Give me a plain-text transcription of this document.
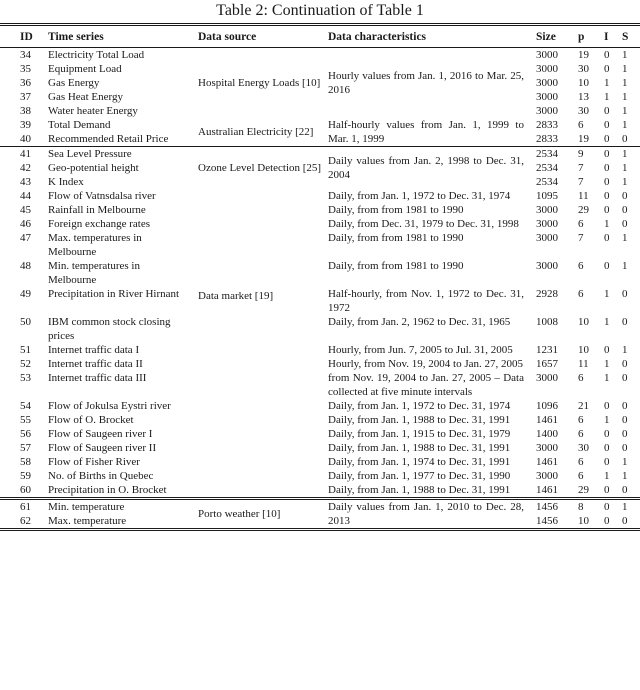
Table 2: Continuation of Table 1
ID	Time series	Data source	Data characteristics	Size	p	I	S
34	Electricity Total Load	Hospital Energy Loads [10]	Hourly values from Jan. 1, 2016 to Mar. 25, 2016	3000	19	0	1
35	Equipment Load			3000	30	0	1
36	Gas Energy			3000	10	1	1
37	Gas Heat Energy			3000	13	1	1
38	Water heater Energy			3000	30	0	1
39	Total Demand	Australian Electricity [22]	Half-hourly values from Jan. 1, 1999 to Mar. 1, 1999	2833	6	0	1
40	Recommended Retail Price			2833	19	0	0
41	Sea Level Pressure	Ozone Level Detection [25]	Daily values from Jan. 2, 1998 to Dec. 31, 2004	2534	9	0	1
42	Geo-potential height			2534	7	0	1
43	K Index			2534	7	0	1
44	Flow of Vatnsdalsa river	Data market [19]	Daily, from Jan. 1, 1972 to Dec. 31, 1974	1095	11	0	0
45	Rainfall in Melbourne		Daily, from from 1981 to 1990	3000	29	0	0
46	Foreign exchange rates		Daily, from Dec. 31, 1979 to Dec. 31, 1998	3000	6	1	0
47	Max. temperatures in Melbourne		Daily, from from 1981 to 1990	3000	7	0	1
48	Min. temperatures in Melbourne		Daily, from from 1981 to 1990	3000	6	0	1
49	Precipitation in River Hirnant		Half-hourly, from Nov. 1, 1972 to Dec. 31, 1972	2928	6	1	0
50	IBM common stock closing prices		Daily, from Jan. 2, 1962 to Dec. 31, 1965	1008	10	1	0
51	Internet traffic data I		Hourly, from Jun. 7, 2005 to Jul. 31, 2005	1231	10	0	1
52	Internet traffic data II		Hourly, from Nov. 19, 2004 to Jan. 27, 2005	1657	11	1	0
53	Internet traffic data III		from Nov. 19, 2004 to Jan. 27, 2005 – Data collected at five minute intervals	3000	6	1	0
54	Flow of Jokulsa Eystri river		Daily, from Jan. 1, 1972 to Dec. 31, 1974	1096	21	0	0
55	Flow of O. Brocket		Daily, from Jan. 1, 1988 to Dec. 31, 1991	1461	6	1	0
56	Flow of Saugeen river I		Daily, from Jan. 1, 1915 to Dec. 31, 1979	1400	6	0	0
57	Flow of Saugeen river II		Daily, from Jan. 1, 1988 to Dec. 31, 1991	3000	30	0	0
58	Flow of Fisher River		Daily, from Jan. 1, 1974 to Dec. 31, 1991	1461	6	0	1
59	No. of Births in Quebec		Daily, from Jan. 1, 1977 to Dec. 31, 1990	3000	6	1	1
60	Precipitation in O. Brocket		Daily, from Jan. 1, 1988 to Dec. 31, 1991	1461	29	0	0
61	Min. temperature	Porto weather [10]	Daily values from Jan. 1, 2010 to Dec. 28, 2013	1456	8	0	1
62	Max. temperature			1456	10	0	0
